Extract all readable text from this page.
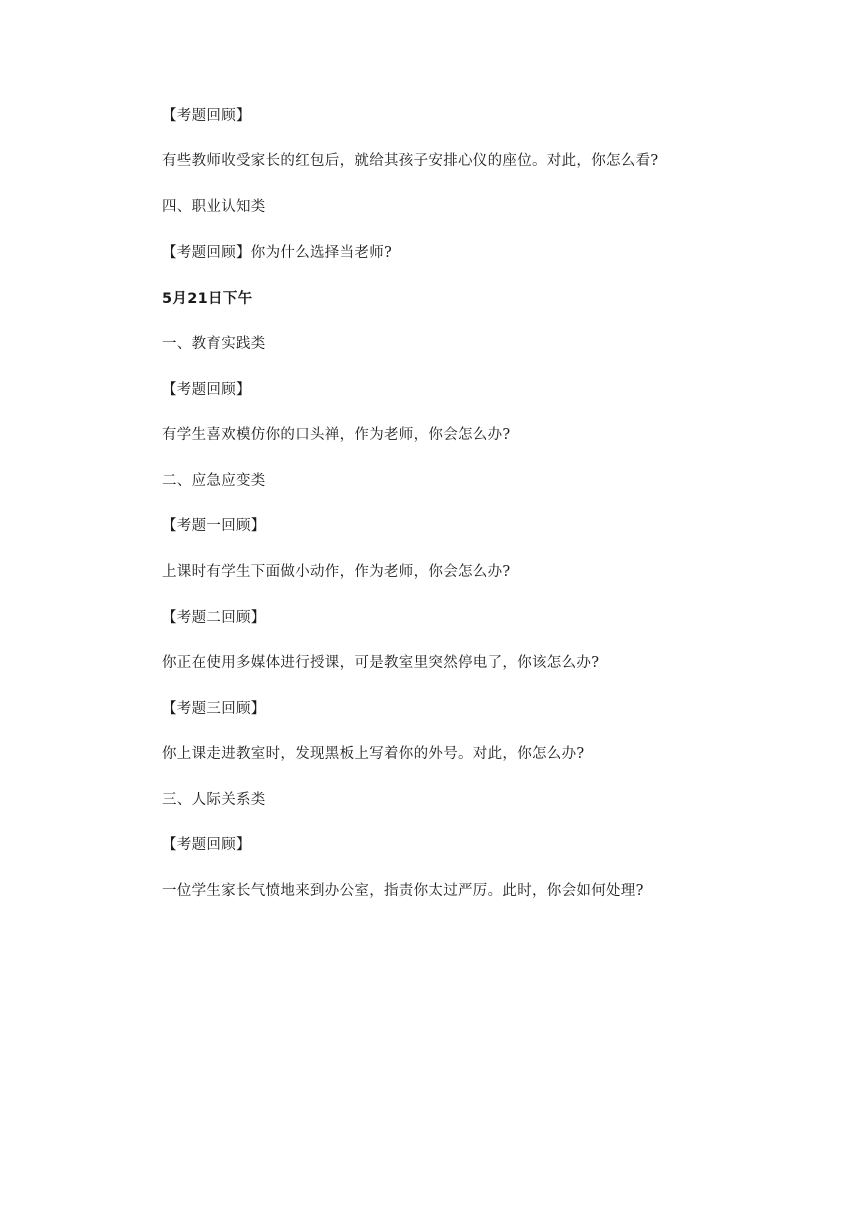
【考题回顾】
有些教师收受家长的红包后，就给其孩子安排心仪的座位。对此，你怎么看?
四、职业认知类
【考题回顾】你为什么选择当老师?
5月21日下午
一、教育实践类
【考题回顾】
有学生喜欢模仿你的口头禅，作为老师，你会怎么办?
二、应急应变类
【考题一回顾】
上课时有学生下面做小动作，作为老师，你会怎么办?
【考题二回顾】
你正在使用多媒体进行授课，可是教室里突然停电了，你该怎么办?
【考题三回顾】
你上课走进教室时，发现黑板上写着你的外号。对此，你怎么办?
三、人际关系类
【考题回顾】
一位学生家长气愤地来到办公室，指责你太过严厉。此时，你会如何处理?
